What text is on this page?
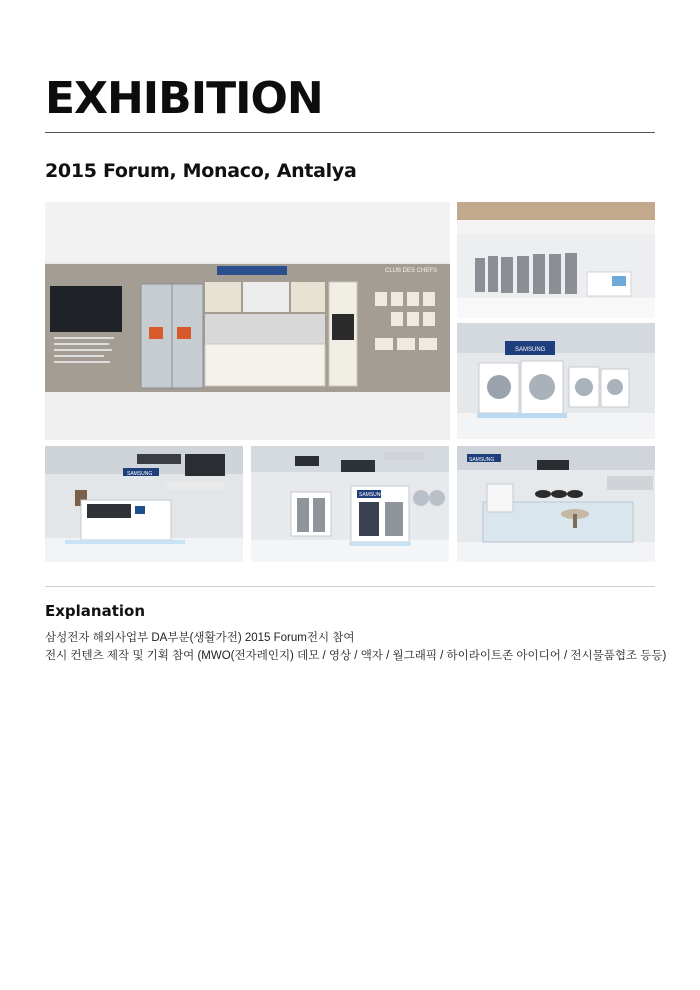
EXHIBITION
2015 Forum, Monaco, Antalya
CLUB DES CHEFS
SAMSUNG
SAMSUNG
SAMSUNG
SAMSUNG
Explanation
삼성전자 해외사업부 DA부분(생활가전) 2015 Forum전시 참여
전시 컨텐츠 제작 및 기획 참여 (MWO(전자레인지) 데모 / 영상 / 액자 / 월그래픽 / 하이라이트존 아이디어 / 전시물품협조 등등)
